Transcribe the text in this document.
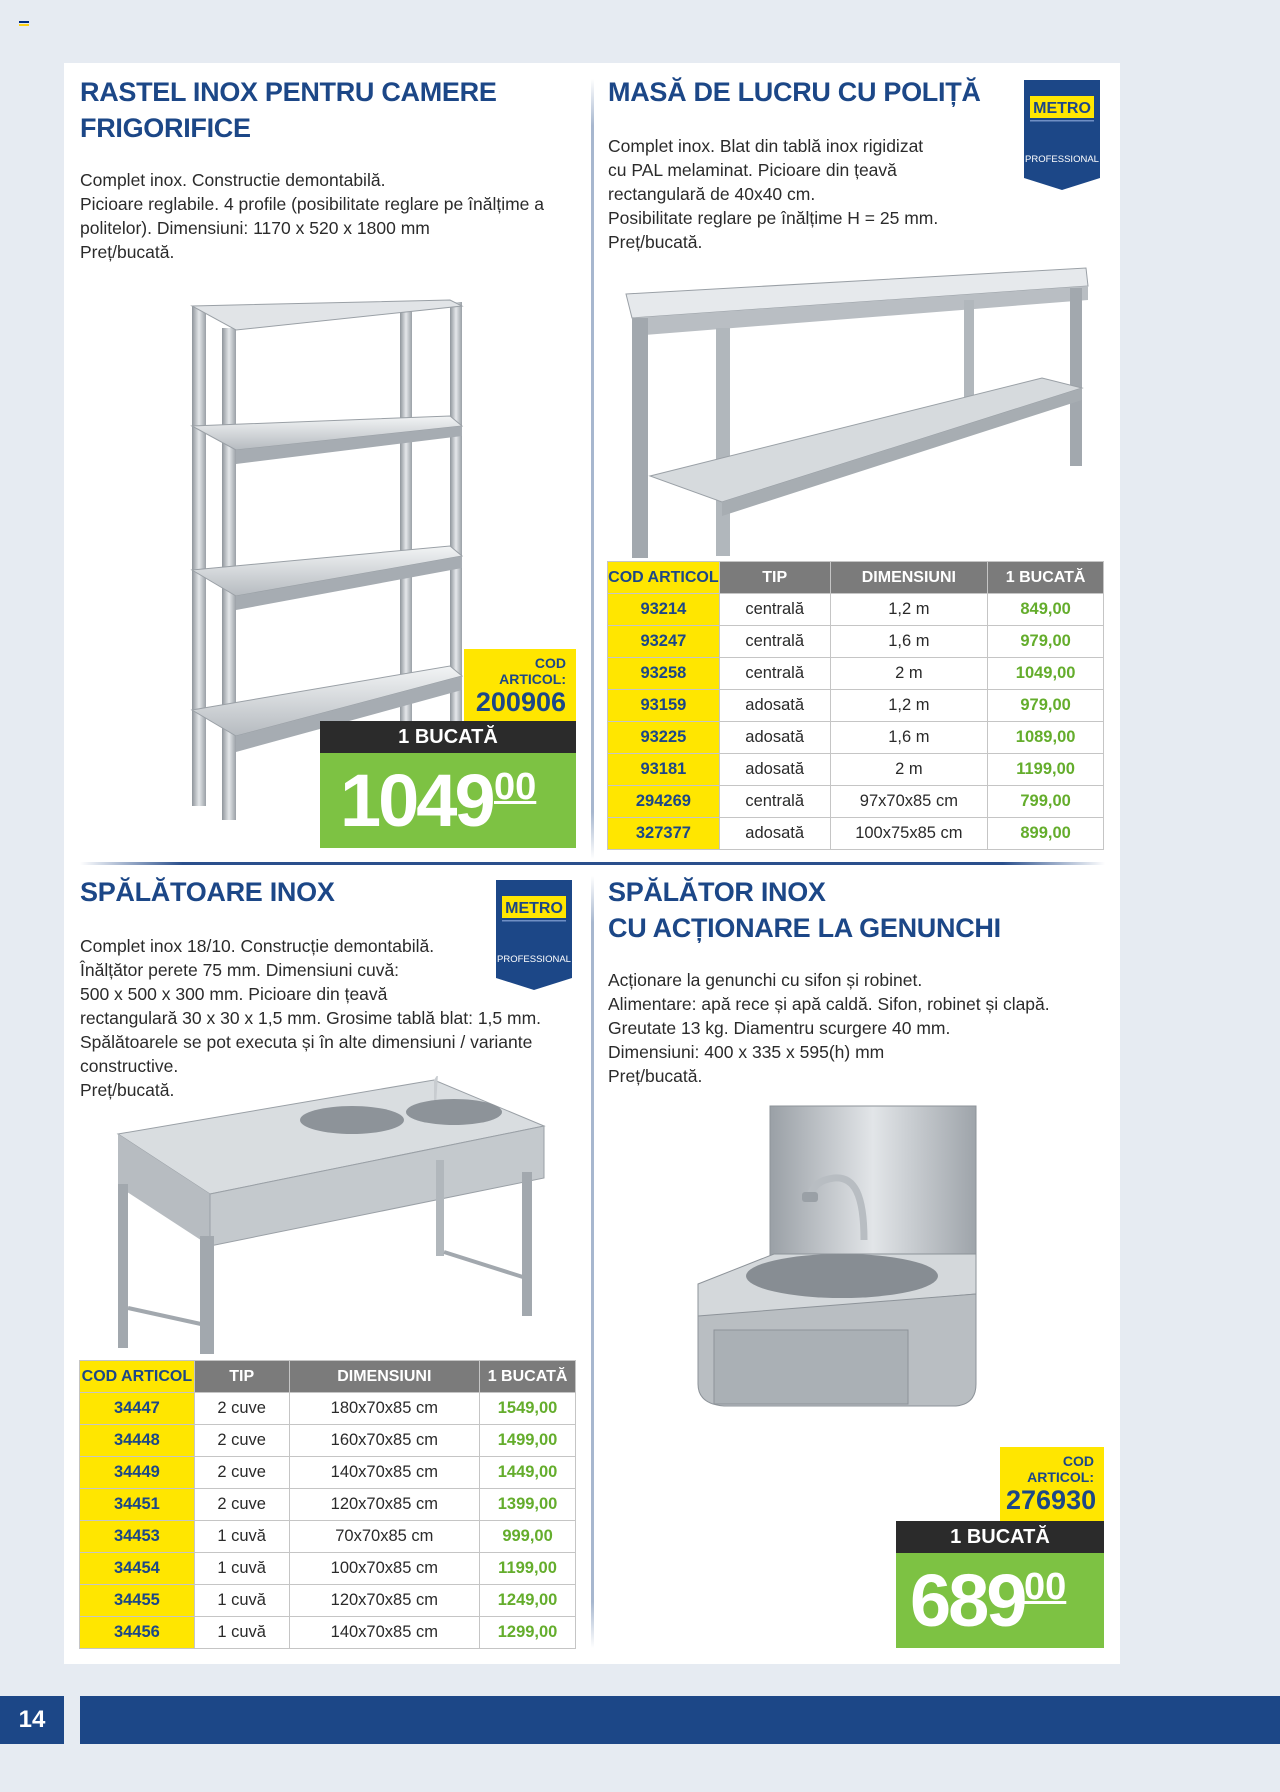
RASTEL INOX PENTRU CAMERE
FRIGORIFICE
Complet inox. Constructie demontabilă.
Picioare reglabile. 4 profile (posibilitate reglare pe înălțime a
politelor). Dimensiuni: 1170 x 520 x 1800 mm
Preț/bucată.
COD ARTICOL:
200906
1 BUCATĂ
1049 00
MASĂ DE LUCRU CU POLIȚĂ
METRO
PROFESSIONAL
Complet inox. Blat din tablă inox rigidizat
cu PAL melaminat. Picioare din țeavă
rectangulară de 40x40 cm.
Posibilitate reglare pe înălțime H = 25 mm.
Preț/bucată.
COD ARTICOL	TIP	DIMENSIUNI	1 BUCATĂ
93214	centrală	1,2 m	849,00
93247	centrală	1,6 m	979,00
93258	centrală	2 m	1049,00
93159	adosată	1,2 m	979,00
93225	adosată	1,6 m	1089,00
93181	adosată	2 m	1199,00
294269	centrală	97x70x85 cm	799,00
327377	adosată	100x75x85 cm	899,00
SPĂLĂTOARE INOX
METRO
PROFESSIONAL
Complet inox 18/10. Construcție demontabilă.
Înălțător perete 75 mm. Dimensiuni cuvă:
500 x 500 x 300 mm. Picioare din țeavă
rectangulară 30 x 30 x 1,5 mm. Grosime tablă blat: 1,5 mm.
Spălătoarele se pot executa și în alte dimensiuni / variante
constructive.
Preț/bucată.
COD ARTICOL	TIP	DIMENSIUNI	1 BUCATĂ
34447	2 cuve	180x70x85 cm	1549,00
34448	2 cuve	160x70x85 cm	1499,00
34449	2 cuve	140x70x85 cm	1449,00
34451	2 cuve	120x70x85 cm	1399,00
34453	1 cuvă	70x70x85 cm	999,00
34454	1 cuvă	100x70x85 cm	1199,00
34455	1 cuvă	120x70x85 cm	1249,00
34456	1 cuvă	140x70x85 cm	1299,00
SPĂLĂTOR INOX
CU ACȚIONARE LA GENUNCHI
Acționare la genunchi cu sifon și robinet.
Alimentare: apă rece și apă caldă. Sifon, robinet și clapă.
Greutate 13 kg. Diamentru scurgere 40 mm.
Dimensiuni: 400 x 335 x 595(h) mm
Preț/bucată.
COD ARTICOL:
276930
1 BUCATĂ
689 00
14
